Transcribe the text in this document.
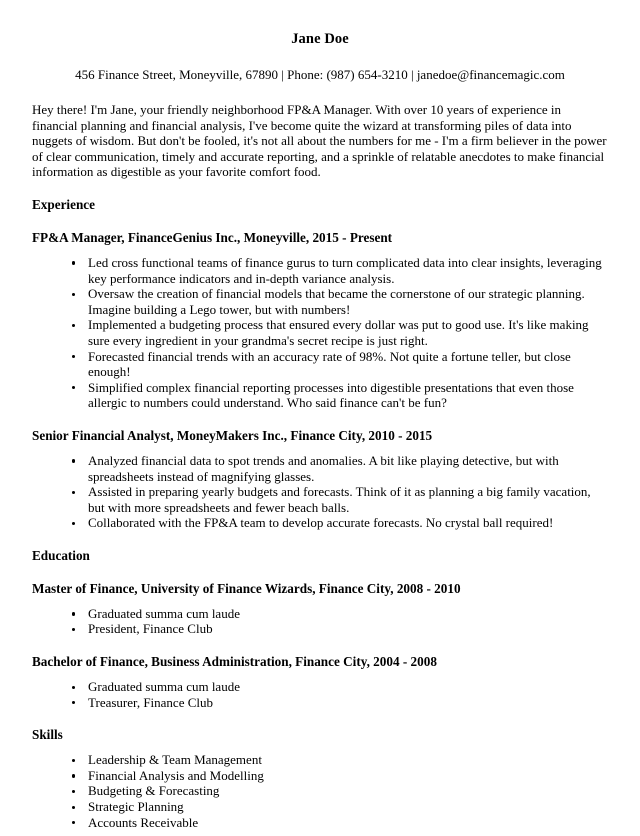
Jane Doe
456 Finance Street, Moneyville, 67890 | Phone: (987) 654-3210 | janedoe@financemagic.com

Hey there! I'm Jane, your friendly neighborhood FP&A Manager. With over 10 years of experience in financial planning and financial analysis, I've become quite the wizard at transforming piles of data into nuggets of wisdom. But don't be fooled, it's not all about the numbers for me - I'm a firm believer in the power of clear communication, timely and accurate reporting, and a sprinkle of relatable anecdotes to make financial information as digestible as your favorite comfort food.

Experience
FP&A Manager, FinanceGenius Inc., Moneyville, 2015 - Present
Led cross functional teams of finance gurus to turn complicated data into clear insights, leveraging key performance indicators and in-depth variance analysis.
Oversaw the creation of financial models that became the cornerstone of our strategic planning. Imagine building a Lego tower, but with numbers!
Implemented a budgeting process that ensured every dollar was put to good use. It's like making sure every ingredient in your grandma's secret recipe is just right.
Forecasted financial trends with an accuracy rate of 98%. Not quite a fortune teller, but close enough!
Simplified complex financial reporting processes into digestible presentations that even those allergic to numbers could understand. Who said finance can't be fun?
Senior Financial Analyst, MoneyMakers Inc., Finance City, 2010 - 2015
Analyzed financial data to spot trends and anomalies. A bit like playing detective, but with spreadsheets instead of magnifying glasses.
Assisted in preparing yearly budgets and forecasts. Think of it as planning a big family vacation, but with more spreadsheets and fewer beach balls.
Collaborated with the FP&A team to develop accurate forecasts. No crystal ball required!
Education
Master of Finance, University of Finance Wizards, Finance City, 2008 - 2010
Graduated summa cum laude
President, Finance Club
Bachelor of Finance, Business Administration, Finance City, 2004 - 2008
Graduated summa cum laude
Treasurer, Finance Club
Skills
Leadership & Team Management
Financial Analysis and Modelling
Budgeting & Forecasting
Strategic Planning
Accounts Receivable
